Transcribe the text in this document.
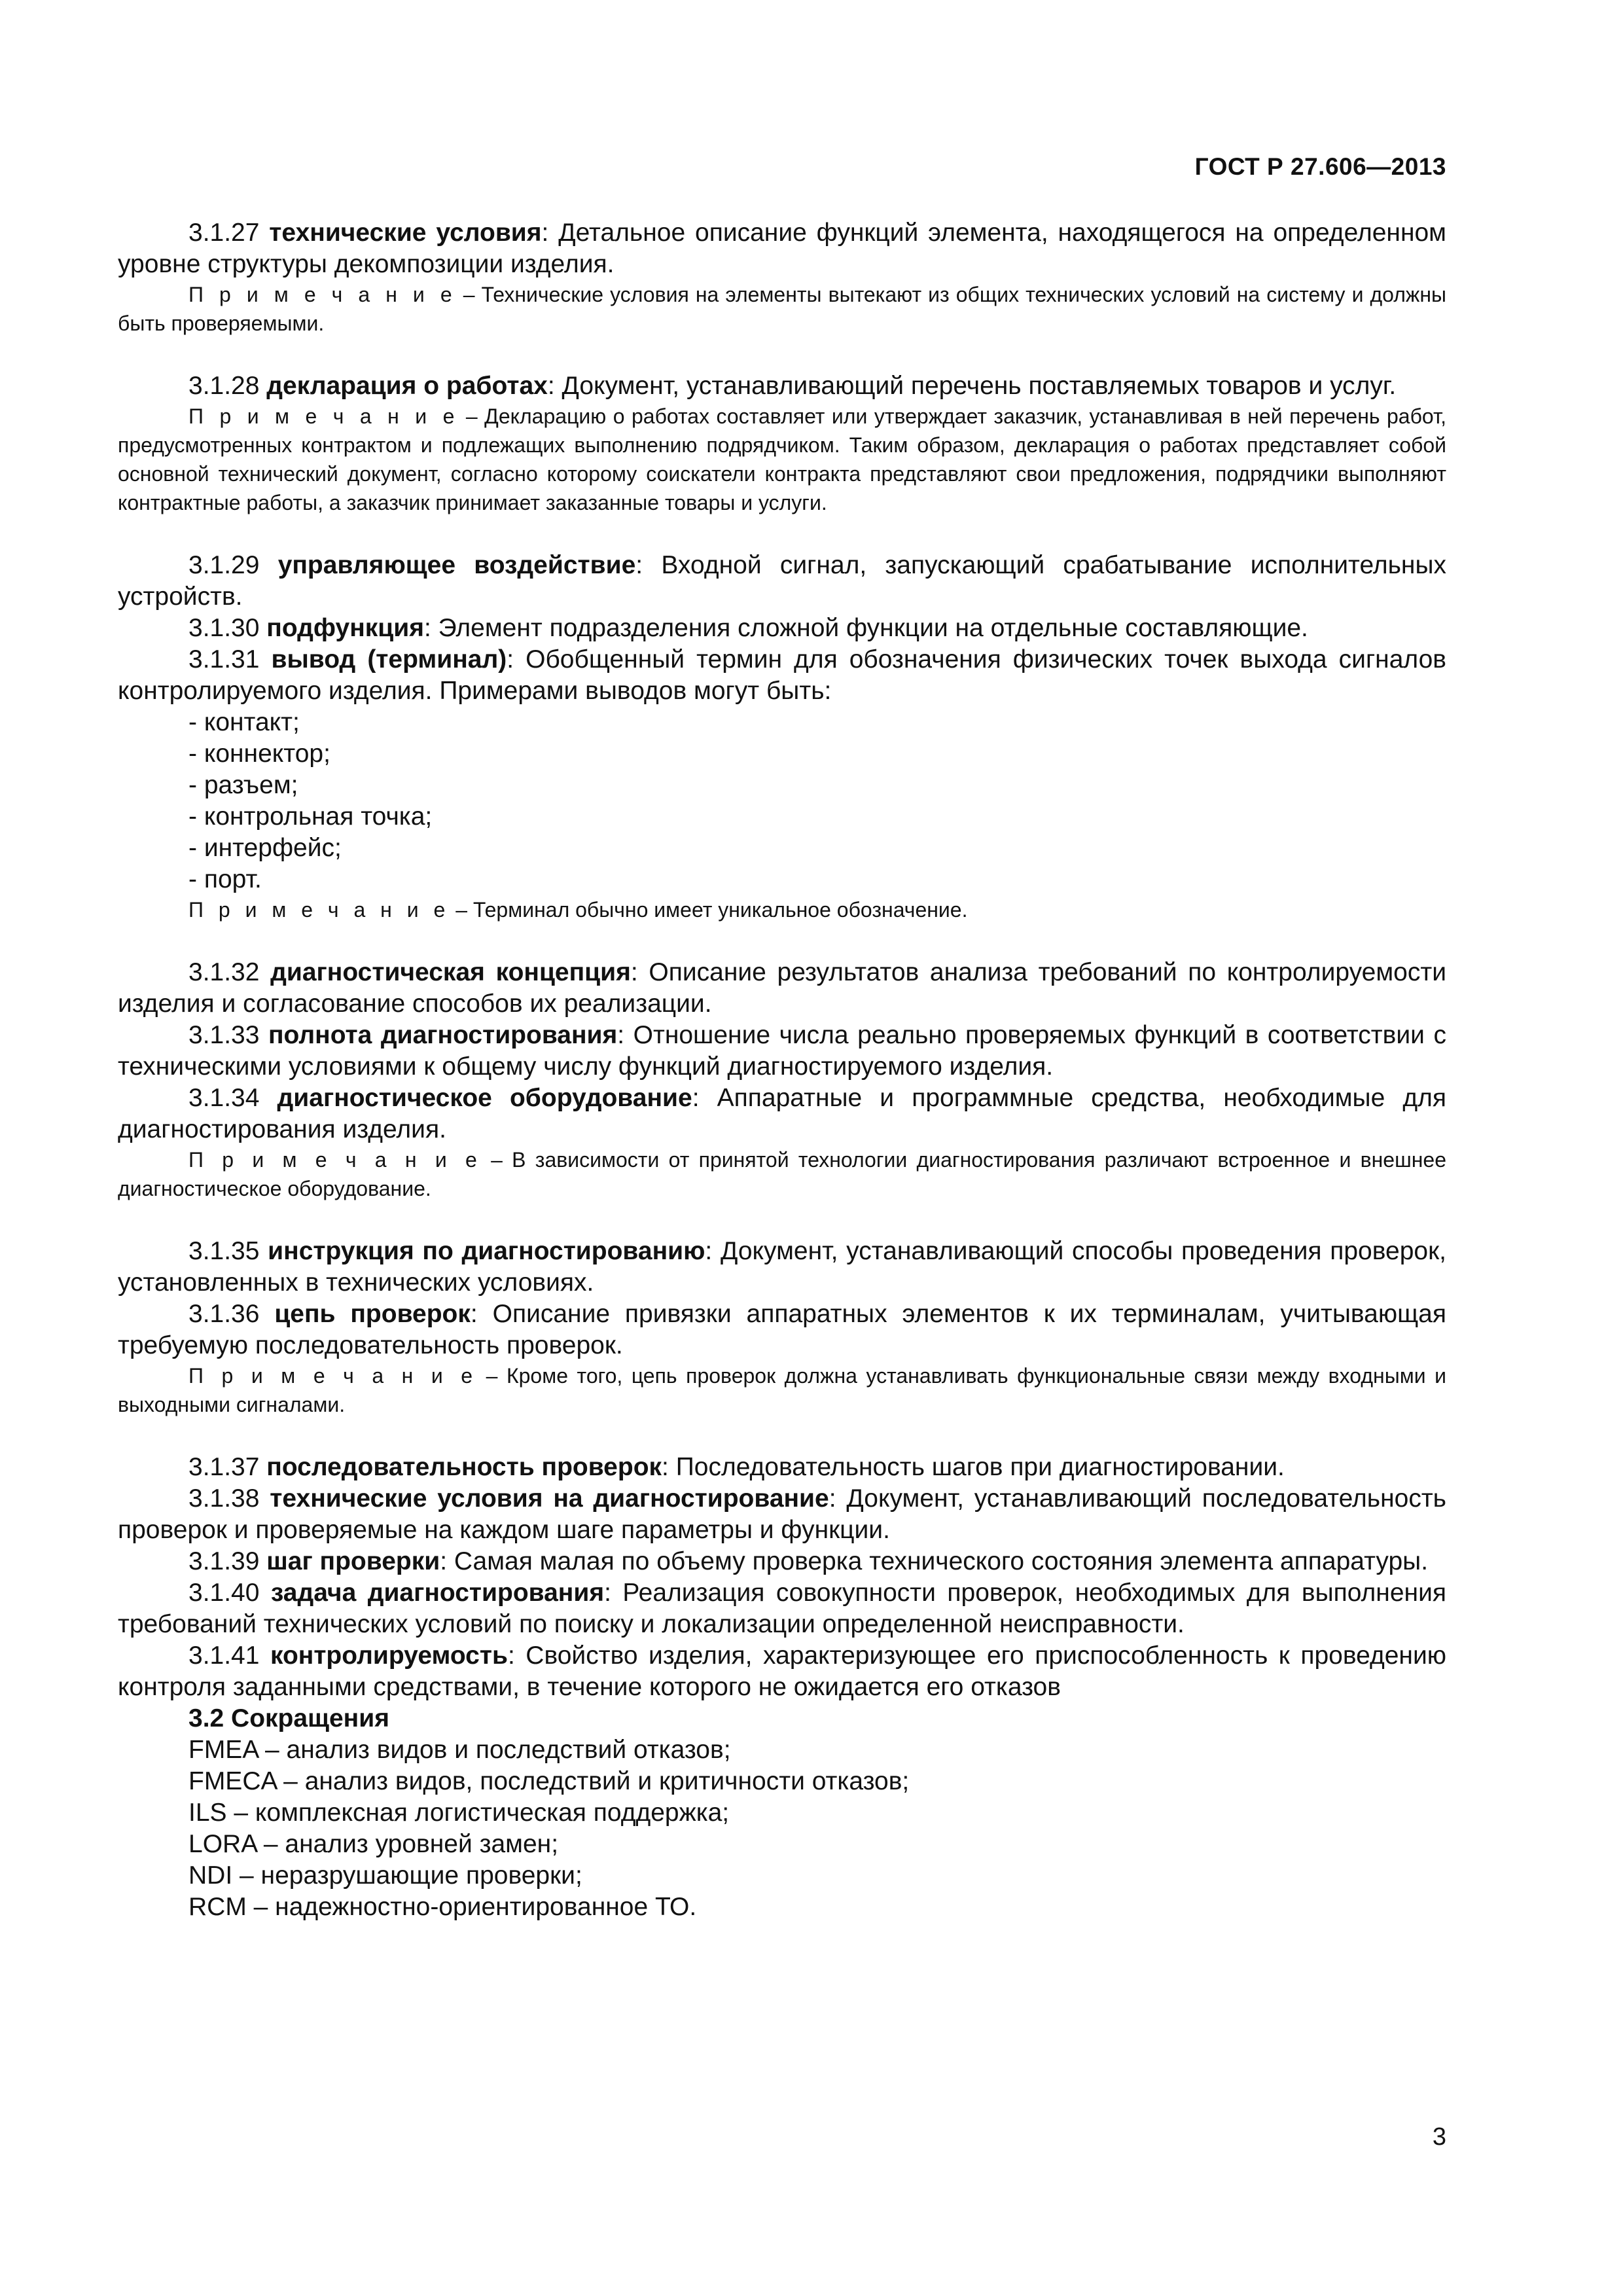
ГОСТ Р 27.606—2013

3.1.27 технические условия: Детальное описание функций элемента, находящегося на определенном уровне структуры декомпозиции изделия.

П р и м е ч а н и е – Технические условия на элементы вытекают из общих технических условий на систему и должны быть проверяемыми.

3.1.28 декларация о работах: Документ, устанавливающий перечень поставляемых товаров и услуг.

П р и м е ч а н и е – Декларацию о работах составляет или утверждает заказчик, устанавливая в ней перечень работ, предусмотренных контрактом и подлежащих выполнению подрядчиком. Таким образом, декларация о работах представляет собой основной технический документ, согласно которому соискатели контракта представляют свои предложения, подрядчики выполняют контрактные работы, а заказчик принимает заказанные товары и услуги.

3.1.29 управляющее воздействие: Входной сигнал, запускающий срабатывание исполнительных устройств.

3.1.30 подфункция: Элемент подразделения сложной функции на отдельные составляющие.

3.1.31 вывод (терминал): Обобщенный термин для обозначения физических точек выхода сигналов контролируемого изделия. Примерами выводов могут быть:

- контакт;

- коннектор;

- разъем;

- контрольная точка;

- интерфейс;

- порт.

П р и м е ч а н и е – Терминал обычно имеет уникальное обозначение.

3.1.32 диагностическая концепция: Описание результатов анализа требований по контролируемости изделия и согласование способов их реализации.

3.1.33 полнота диагностирования: Отношение числа реально проверяемых функций в соответствии с техническими условиями к общему числу функций диагностируемого изделия.

3.1.34 диагностическое оборудование: Аппаратные и программные средства, необходимые для диагностирования изделия.

П р и м е ч а н и е – В зависимости от принятой технологии диагностирования различают встроенное и внешнее диагностическое оборудование.

3.1.35 инструкция по диагностированию: Документ, устанавливающий способы проведения проверок, установленных в технических условиях.

3.1.36 цепь проверок: Описание привязки аппаратных элементов к их терминалам, учитывающая требуемую последовательность проверок.

П р и м е ч а н и е – Кроме того, цепь проверок должна устанавливать функциональные связи между входными и выходными сигналами.

3.1.37 последовательность проверок: Последовательность шагов при диагностировании.

3.1.38 технические условия на диагностирование: Документ, устанавливающий последовательность проверок и проверяемые на каждом шаге параметры и функции.

3.1.39 шаг проверки: Самая малая по объему проверка технического состояния элемента аппаратуры.

3.1.40 задача диагностирования: Реализация совокупности проверок, необходимых для выполнения требований технических условий по поиску и локализации определенной неисправности.

3.1.41 контролируемость: Свойство изделия, характеризующее его приспособленность к проведению контроля заданными средствами, в течение которого не ожидается его отказов

3.2 Сокращения

FMEA – анализ видов и последствий отказов;

FMECA – анализ видов, последствий и критичности отказов;

ILS – комплексная логистическая поддержка;

LORA – анализ уровней замен;

NDI – неразрушающие проверки;

RCM – надежностно-ориентированное ТО.

3
